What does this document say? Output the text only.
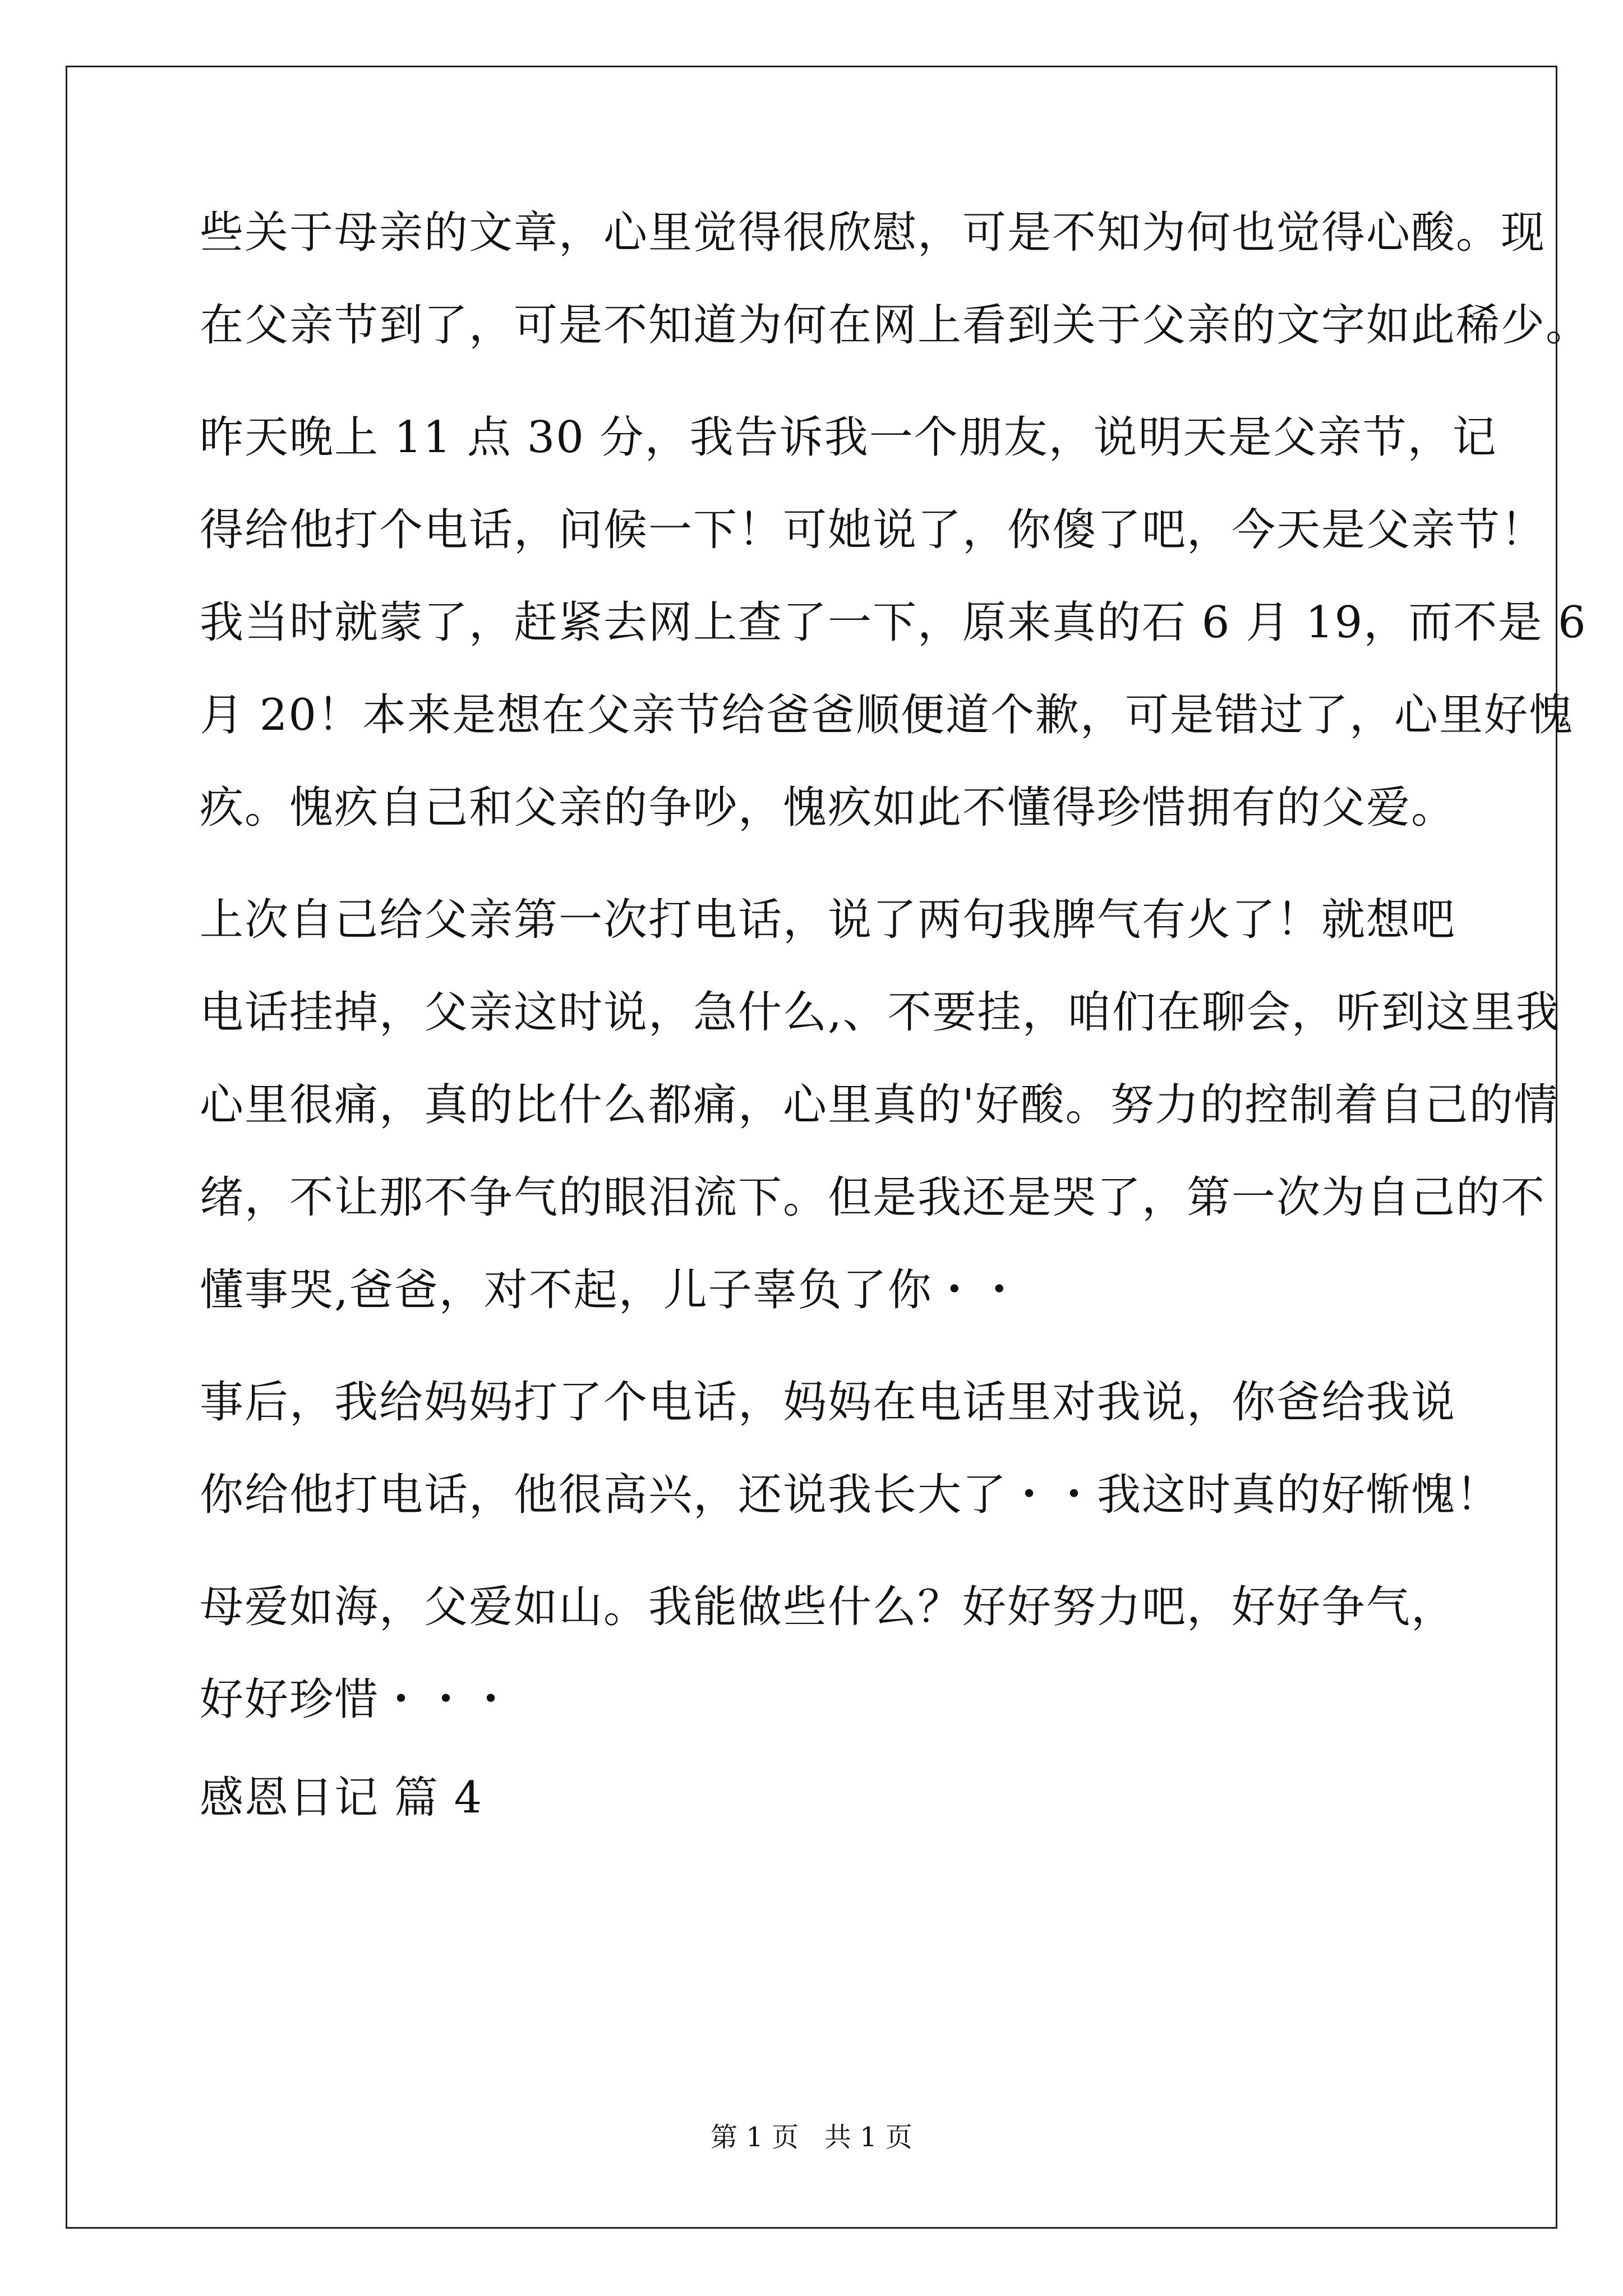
些关于母亲的文章，心里觉得很欣慰，可是不知为何也觉得心酸。现
在父亲节到了，可是不知道为何在网上看到关于父亲的文字如此稀少。
昨天晚上 11 点 30 分，我告诉我一个朋友，说明天是父亲节，记
得给他打个电话，问候一下！可她说了，你傻了吧，今天是父亲节！
我当时就蒙了，赶紧去网上查了一下，原来真的石 6 月 19，而不是 6
月 20！本来是想在父亲节给爸爸顺便道个歉，可是错过了，心里好愧
疚。愧疚自己和父亲的争吵，愧疚如此不懂得珍惜拥有的父爱。
上次自己给父亲第一次打电话，说了两句我脾气有火了！就想吧
电话挂掉，父亲这时说，急什么,、不要挂，咱们在聊会，听到这里我
心里很痛，真的比什么都痛，心里真的'好酸。努力的控制着自己的情
绪，不让那不争气的眼泪流下。但是我还是哭了，第一次为自己的不
懂事哭,爸爸，对不起，儿子辜负了你・・
事后，我给妈妈打了个电话，妈妈在电话里对我说，你爸给我说
你给他打电话，他很高兴，还说我长大了・・我这时真的好惭愧！
母爱如海，父爱如山。我能做些什么？好好努力吧，好好争气，
好好珍惜・・・
感恩日记 篇 4
第 1 页   共 1 页
